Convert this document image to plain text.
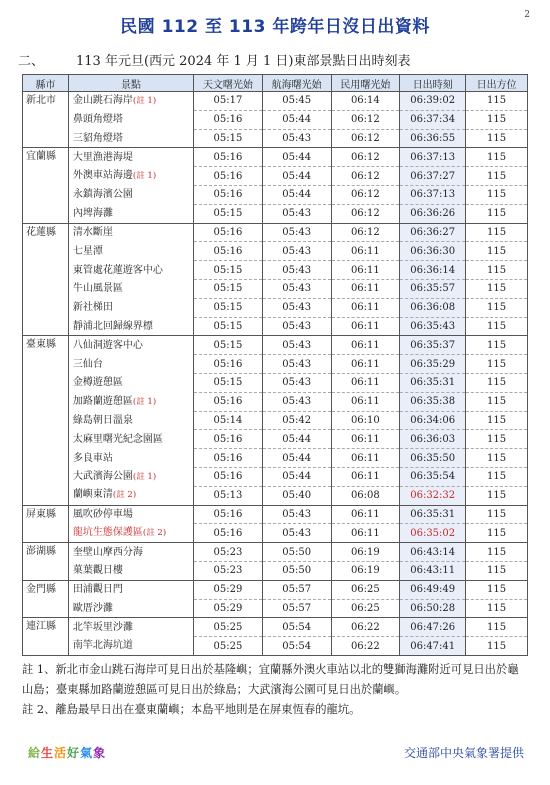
2
民國 112 至 113 年跨年日沒日出資料
二、 113 年元旦(西元 2024 年 1 月 1 日)東部景點日出時刻表
縣市	景點	天文曙光始	航海曙光始	民用曙光始	日出時刻	日出方位
新北市	金山跳石海岸(註 1)	05:17	05:45	06:14	06:39:02	115
	鼻頭角燈塔	05:16	05:44	06:12	06:37:34	115
	三貂角燈塔	05:15	05:43	06:12	06:36:55	115
宜蘭縣	大里漁港海堤	05:16	05:44	06:12	06:37:13	115
	外澳車站海邊(註 1)	05:16	05:44	06:12	06:37:27	115
	永鎮海濱公園	05:16	05:44	06:12	06:37:13	115
	內埤海灘	05:15	05:43	06:12	06:36:26	115
花蓮縣	清水斷崖	05:16	05:43	06:12	06:36:27	115
	七星潭	05:16	05:43	06:11	06:36:30	115
	東管處花蓮遊客中心	05:15	05:43	06:11	06:36:14	115
	牛山風景區	05:15	05:43	06:11	06:35:57	115
	新社梯田	05:15	05:43	06:11	06:36:08	115
	靜浦北回歸線界標	05:15	05:43	06:11	06:35:43	115
臺東縣	八仙洞遊客中心	05:15	05:43	06:11	06:35:37	115
	三仙台	05:16	05:43	06:11	06:35:29	115
	金樽遊憩區	05:15	05:43	06:11	06:35:31	115
	加路蘭遊憩區(註 1)	05:16	05:43	06:11	06:35:38	115
	綠島朝日溫泉	05:14	05:42	06:10	06:34:06	115
	太麻里曙光紀念園區	05:16	05:44	06:11	06:36:03	115
	多良車站	05:16	05:44	06:11	06:35:50	115
	大武濱海公園(註 1)	05:16	05:44	06:11	06:35:54	115
	蘭嶼東清(註 2)	05:13	05:40	06:08	06:32:32	115
屏東縣	風吹砂停車場	05:16	05:43	06:11	06:35:31	115
	龍坑生態保護區(註 2)	05:16	05:43	06:11	06:35:02	115
澎湖縣	奎壁山摩西分海	05:23	05:50	06:19	06:43:14	115
	菓葉觀日樓	05:23	05:50	06:19	06:43:11	115
金門縣	田浦觀日門	05:29	05:57	06:25	06:49:49	115
	歐厝沙灘	05:29	05:57	06:25	06:50:28	115
連江縣	北竿坂里沙灘	05:25	05:54	06:22	06:47:26	115
	南竿北海坑道	05:25	05:54	06:22	06:47:41	115
註 1、新北市金山跳石海岸可見日出於基隆嶼；宜蘭縣外澳火車站以北的雙獅海灘附近可見日出於龜山島；臺東縣加路蘭遊憩區可見日出於綠島；大武濱海公園可見日出於蘭嶼。
註 2、離島最早日出在臺東蘭嶼；本島平地則是在屏東恆春的龍坑。
給生活好氣象	交通部中央氣象署提供
